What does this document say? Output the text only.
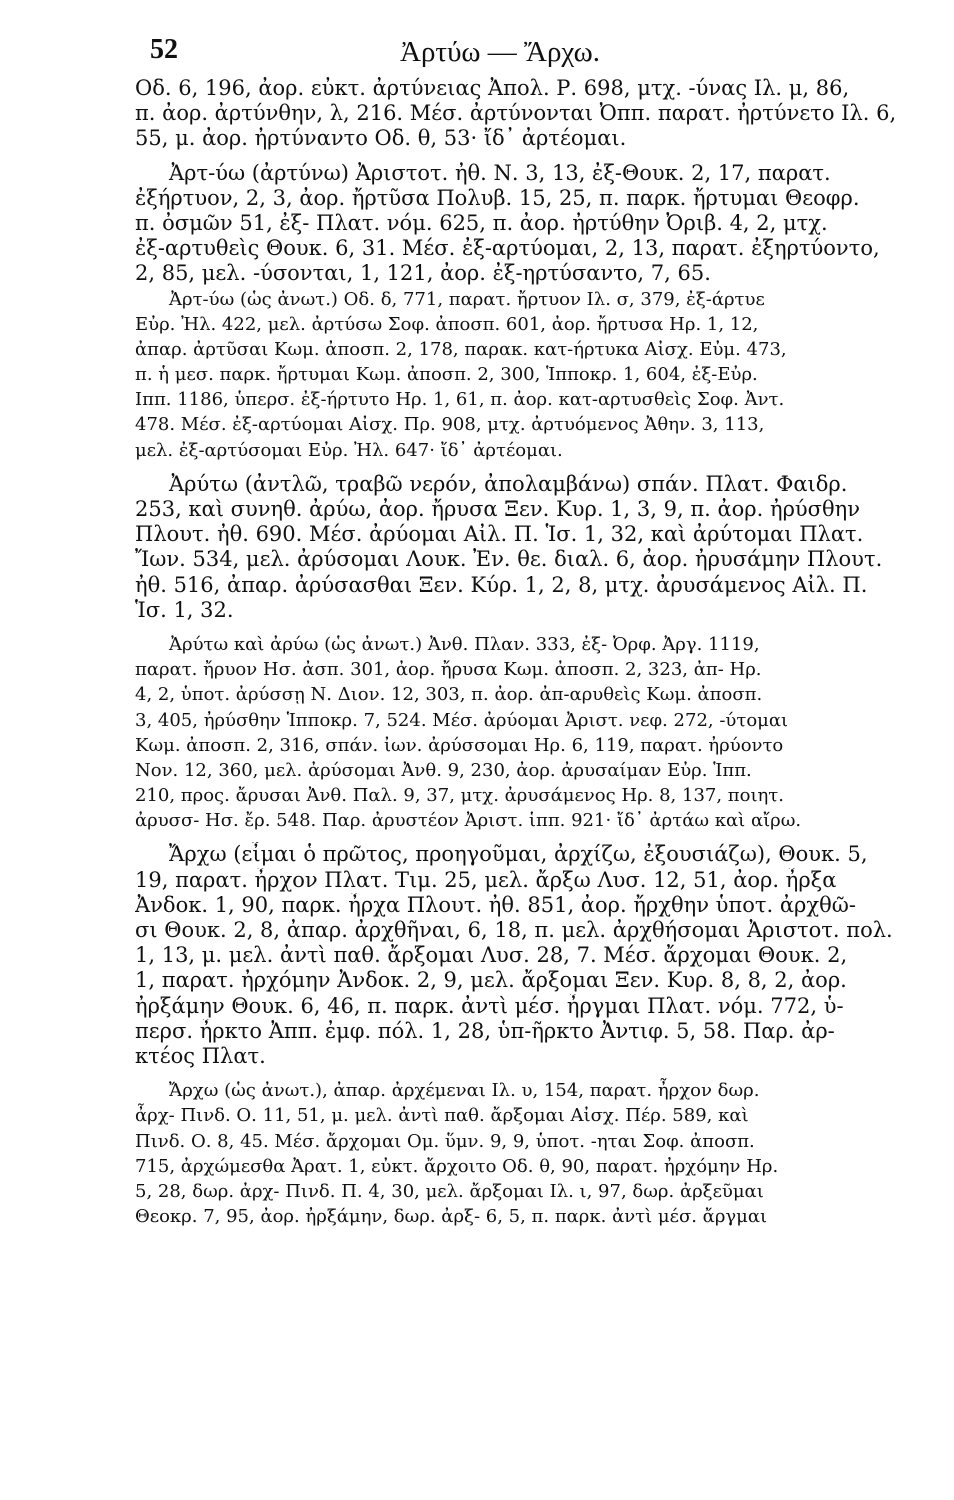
52	Ἀρτύω — Ἄρχω.
Οδ. 6, 196, ἀορ. εὐκτ. ἀρτύνειας Ἀπολ. Ρ. 698, μτχ. -ύνας Ιλ. μ, 86,
π. ἀορ. ἀρτύνθην, λ, 216. Μέσ. ἀρτύνονται Ὀππ. παρατ. ἠρτύνετο Ιλ. 6,
55, μ. ἀορ. ἠρτύναντο Οδ. θ, 53· ἴδ᾽ ἀρτέομαι.
Ἀρτ-ύω (ἀρτύνω) Ἀριστοτ. ἠθ. Ν. 3, 13, ἐξ-Θουκ. 2, 17, παρατ.
ἐξήρτυον, 2, 3, ἀορ. ἤρτῦσα Πολυβ. 15, 25, π. παρκ. ἤρτυμαι Θεοφρ.
π. ὀσμῶν 51, ἐξ- Πλατ. νόμ. 625, π. ἀορ. ἠρτύθην Ὀριβ. 4, 2, μτχ.
ἐξ-αρτυθεὶς Θουκ. 6, 31. Μέσ. ἐξ-αρτύομαι, 2, 13, παρατ. ἐξηρτύοντο,
2, 85, μελ. -ύσονται, 1, 121, ἀορ. ἐξ-ηρτύσαντο, 7, 65.
Ἀρτ-ύω (ὡς ἀνωτ.) Οδ. δ, 771, παρατ. ἤρτυον Ιλ. σ, 379, ἐξ-άρτυε
Εὐρ. Ἠλ. 422, μελ. ἀρτύσω Σοφ. ἀποσπ. 601, ἀορ. ἤρτυσα Ηρ. 1, 12,
ἀπαρ. ἀρτῦσαι Κωμ. ἀποσπ. 2, 178, παρακ. κατ-ήρτυκα Αἰσχ. Εὐμ. 473,
π. ἡ μεσ. παρκ. ἤρτυμαι Κωμ. ἀποσπ. 2, 300, Ἱπποκρ. 1, 604, ἐξ-Εὐρ.
Ιππ. 1186, ὑπερσ. ἐξ-ήρτυτο Ηρ. 1, 61, π. ἀορ. κατ-αρτυσθεὶς Σοφ. Ἀντ.
478. Μέσ. ἐξ-αρτύομαι Αἰσχ. Πρ. 908, μτχ. ἀρτυόμενος Ἀθην. 3, 113,
μελ. ἐξ-αρτύσομαι Εὐρ. Ἠλ. 647· ἴδ᾽ ἀρτέομαι.
Ἀρύτω (ἀντλῶ, τραβῶ νερόν, ἀπολαμβάνω) σπάν. Πλατ. Φαιδρ.
253, καὶ συνηθ. ἀρύω, ἀορ. ἤρυσα Ξεν. Κυρ. 1, 3, 9, π. ἀορ. ἠρύσθην
Πλουτ. ἠθ. 690. Μέσ. ἀρύομαι Αἰλ. Π. Ἱσ. 1, 32, καὶ ἀρύτομαι Πλατ.
Ἴων. 534, μελ. ἀρύσομαι Λουκ. Ἐν. θε. διαλ. 6, ἀορ. ἠρυσάμην Πλουτ.
ἠθ. 516, ἀπαρ. ἀρύσασθαι Ξεν. Κύρ. 1, 2, 8, μτχ. ἀρυσάμενος Αἰλ. Π.
Ἱσ. 1, 32.
Ἀρύτω καὶ ἀρύω (ὡς ἀνωτ.) Ἀνθ. Πλαν. 333, ἐξ- Ὀρφ. Ἀργ. 1119,
παρατ. ἤρυον Ησ. ἀσπ. 301, ἀορ. ἤρυσα Κωμ. ἀποσπ. 2, 323, ἀπ- Ηρ.
4, 2, ὑποτ. ἀρύσσῃ Ν. Διον. 12, 303, π. ἀορ. ἀπ-αρυθεὶς Κωμ. ἀποσπ.
3, 405, ἠρύσθην Ἱπποκρ. 7, 524. Μέσ. ἀρύομαι Ἀριστ. νεφ. 272, -ύτομαι
Κωμ. ἀποσπ. 2, 316, σπάν. ἰων. ἀρύσσομαι Ηρ. 6, 119, παρατ. ἠρύοντο
Νον. 12, 360, μελ. ἀρύσομαι Ἀνθ. 9, 230, ἀορ. ἀρυσαίμαν Εὐρ. Ἱππ.
210, προς. ἄρυσαι Ἀνθ. Παλ. 9, 37, μτχ. ἀρυσάμενος Ηρ. 8, 137, ποιητ.
ἀρυσσ- Ησ. ἔρ. 548. Παρ. ἀρυστέον Ἀριστ. ἱππ. 921· ἴδ᾽ ἀρτάω καὶ αἴρω.
Ἄρχω (εἶμαι ὁ πρῶτος, προηγοῦμαι, ἀρχίζω, ἐξουσιάζω), Θουκ. 5,
19, παρατ. ἦρχον Πλατ. Τιμ. 25, μελ. ἄρξω Λυσ. 12, 51, ἀορ. ἦρξα
Ἀνδοκ. 1, 90, παρκ. ἦρχα Πλουτ. ἠθ. 851, ἀορ. ἤρχθην ὑποτ. ἀρχθῶ-
σι Θουκ. 2, 8, ἀπαρ. ἀρχθῆναι, 6, 18, π. μελ. ἀρχθήσομαι Ἀριστοτ. πολ.
1, 13, μ. μελ. ἀντὶ παθ. ἄρξομαι Λυσ. 28, 7. Μέσ. ἄρχομαι Θουκ. 2,
1, παρατ. ἠρχόμην Ἀνδοκ. 2, 9, μελ. ἄρξομαι Ξεν. Κυρ. 8, 8, 2, ἀορ.
ἠρξάμην Θουκ. 6, 46, π. παρκ. ἀντὶ μέσ. ἦργμαι Πλατ. νόμ. 772, ὑ-
περσ. ἦρκτο Ἀππ. ἐμφ. πόλ. 1, 28, ὑπ-ῆρκτο Ἀντιφ. 5, 58. Παρ. ἀρ-
κτέος Πλατ.
Ἄρχω (ὡς ἀνωτ.), ἀπαρ. ἀρχέμεναι Ιλ. υ, 154, παρατ. ἦρχον δωρ.
ἆρχ- Πινδ. Ο. 11, 51, μ. μελ. ἀντὶ παθ. ἄρξομαι Αἰσχ. Πέρ. 589, καὶ
Πινδ. Ο. 8, 45. Μέσ. ἄρχομαι Ομ. ὕμν. 9, 9, ὑποτ. -ηται Σοφ. ἀποσπ.
715, ἀρχώμεσθα Ἀρατ. 1, εὐκτ. ἄρχοιτο Οδ. θ, 90, παρατ. ἠρχόμην Ηρ.
5, 28, δωρ. ἀρχ- Πινδ. Π. 4, 30, μελ. ἄρξομαι Ιλ. ι, 97, δωρ. ἀρξεῦμαι
Θεοκρ. 7, 95, ἀορ. ἠρξάμην, δωρ. ἀρξ- 6, 5, π. παρκ. ἀντὶ μέσ. ἄργμαι
